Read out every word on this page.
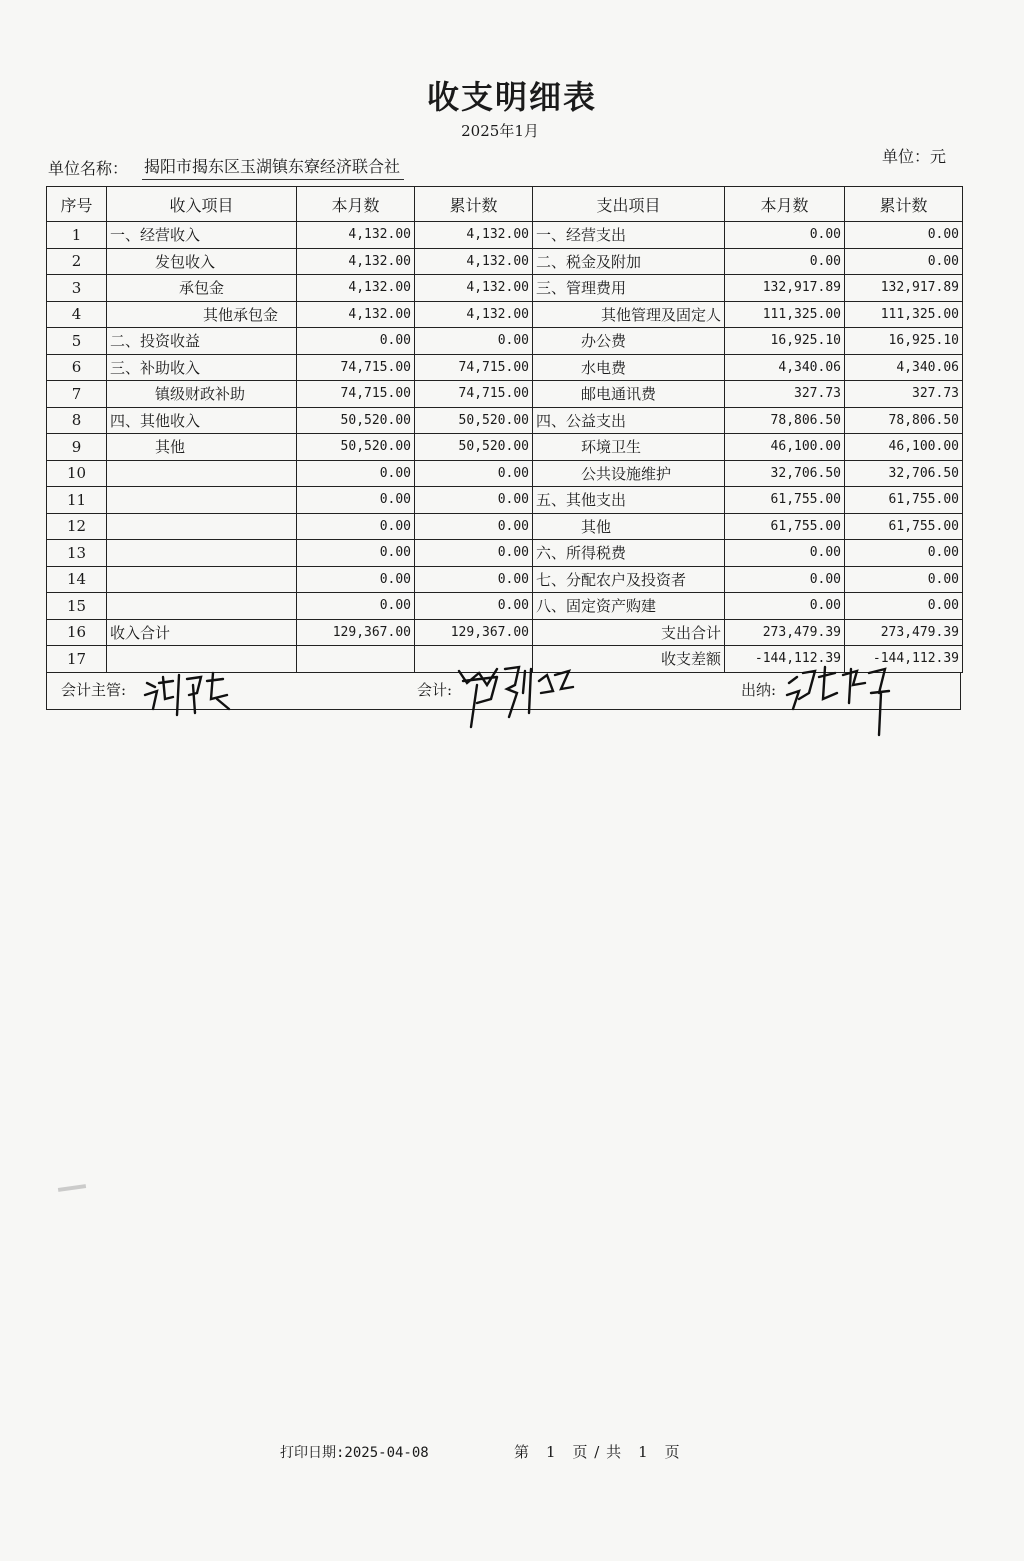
收支明细表
2025年1月
单位名称： 揭阳市揭东区玉湖镇东寮经济联合社
单位：元
序号	收入项目	本月数	累计数	支出项目	本月数	累计数
1	一、经营收入	4,132.00	4,132.00	一、经营支出	0.00	0.00
2	发包收入	4,132.00	4,132.00	二、税金及附加	0.00	0.00
3	承包金	4,132.00	4,132.00	三、管理费用	132,917.89	132,917.89
4	其他承包金	4,132.00	4,132.00	其他管理及固定人	111,325.00	111,325.00
5	二、投资收益	0.00	0.00	办公费	16,925.10	16,925.10
6	三、补助收入	74,715.00	74,715.00	水电费	4,340.06	4,340.06
7	镇级财政补助	74,715.00	74,715.00	邮电通讯费	327.73	327.73
8	四、其他收入	50,520.00	50,520.00	四、公益支出	78,806.50	78,806.50
9	其他	50,520.00	50,520.00	环境卫生	46,100.00	46,100.00
10		0.00	0.00	公共设施维护	32,706.50	32,706.50
11		0.00	0.00	五、其他支出	61,755.00	61,755.00
12		0.00	0.00	其他	61,755.00	61,755.00
13		0.00	0.00	六、所得税费	0.00	0.00
14		0.00	0.00	七、分配农户及投资者	0.00	0.00
15		0.00	0.00	八、固定资产购建	0.00	0.00
16	收入合计	129,367.00	129,367.00	支出合计	273,479.39	273,479.39
17				收支差额	-144,112.39	-144,112.39
会计主管:	会计:	出纳:
打印日期:2025-04-08	第　1　页 / 共　1　页
